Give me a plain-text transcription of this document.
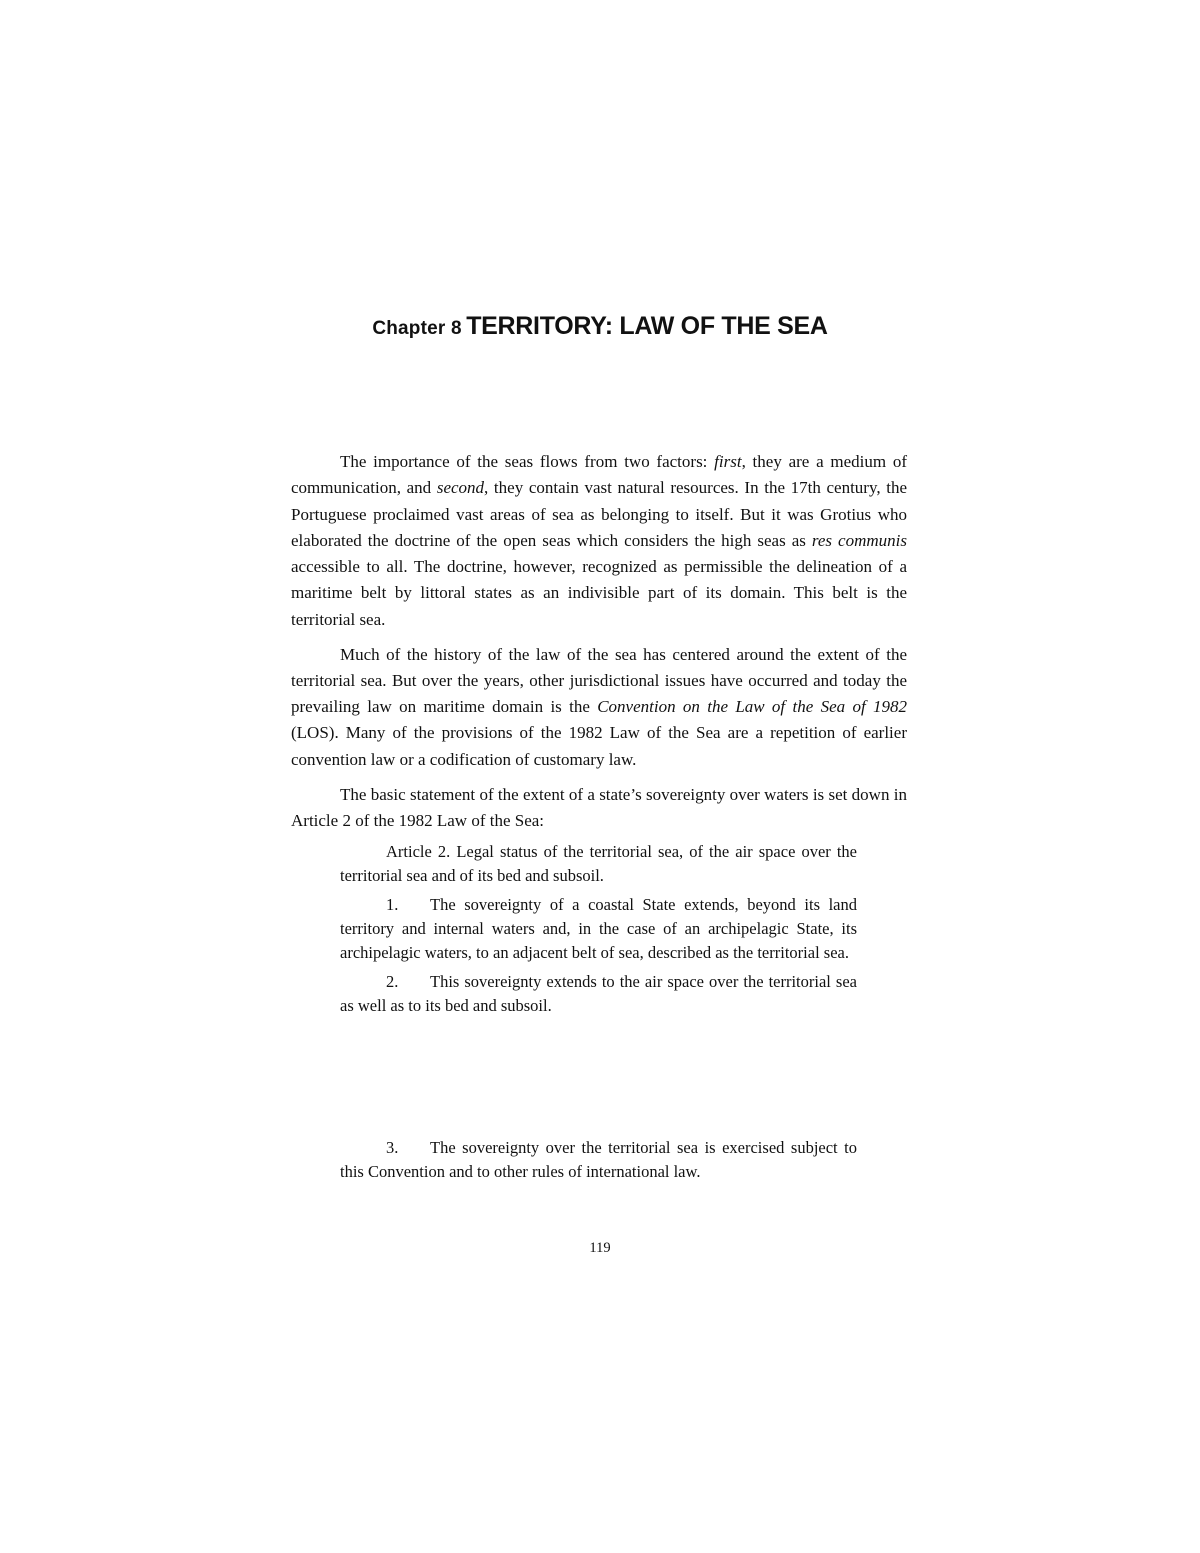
Chapter 8 TERRITORY: LAW OF THE SEA

The importance of the seas flows from two factors: first, they are a medium of communication, and second, they contain vast natural resources. In the 17th century, the Portuguese proclaimed vast areas of sea as belonging to itself. But it was Grotius who elaborated the doctrine of the open seas which considers the high seas as res communis accessible to all. The doctrine, however, recognized as permissible the delineation of a maritime belt by littoral states as an indivisible part of its domain. This belt is the territorial sea.

Much of the history of the law of the sea has centered around the extent of the territorial sea. But over the years, other jurisdictional issues have occurred and today the prevailing law on maritime domain is the Convention on the Law of the Sea of 1982 (LOS). Many of the provisions of the 1982 Law of the Sea are a repetition of earlier convention law or a codification of customary law.

The basic statement of the extent of a state’s sovereignty over waters is set down in Article 2 of the 1982 Law of the Sea:

Article 2. Legal status of the territorial sea, of the air space over the territorial sea and of its bed and subsoil.

1. The sovereignty of a coastal State extends, beyond its land territory and internal waters and, in the case of an archipelagic State, its archipelagic waters, to an adjacent belt of sea, described as the territorial sea.

2. This sovereignty extends to the air space over the territorial sea as well as to its bed and subsoil.

3. The sovereignty over the territorial sea is exercised subject to this Convention and to other rules of international law.

119
